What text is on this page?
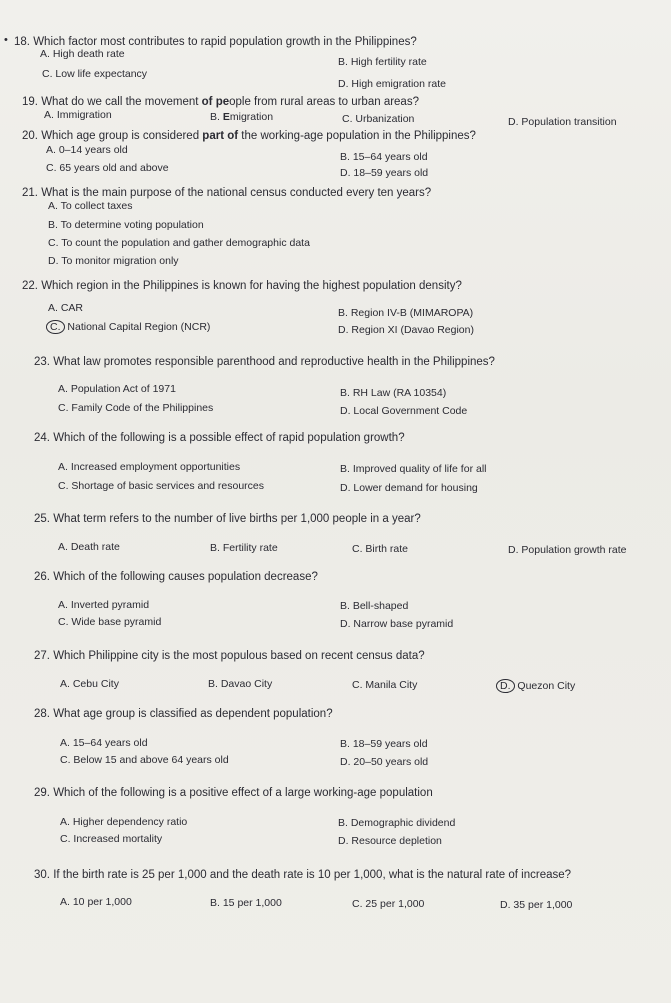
• 18. Which factor most contributes to rapid population growth in the Philippines?
A. High death rate
B. High fertility rate
C. Low life expectancy
D. High emigration rate
19. What do we call the movement of people from rural areas to urban areas?
A. Immigration	B. Emigration	C. Urbanization	D. Population transition
20. Which age group is considered part of the working-age population in the Philippines?
A. 0–14 years old
B. 15–64 years old
C. 65 years old and above	D. 18–59 years old
21. What is the main purpose of the national census conducted every ten years?
A. To collect taxes
B. To determine voting population
C. To count the population and gather demographic data
D. To monitor migration only
22. Which region in the Philippines is known for having the highest population density?
A. CAR	B. Region IV-B (MIMAROPA)
C. National Capital Region (NCR)	D. Region XI (Davao Region)
23. What law promotes responsible parenthood and reproductive health in the Philippines?
A. Population Act of 1971	B. RH Law (RA 10354)
C. Family Code of the Philippines	D. Local Government Code
24. Which of the following is a possible effect of rapid population growth?
A. Increased employment opportunities	B. Improved quality of life for all
C. Shortage of basic services and resources	D. Lower demand for housing
25. What term refers to the number of live births per 1,000 people in a year?
A. Death rate	B. Fertility rate	C. Birth rate	D. Population growth rate
26. Which of the following causes population decrease?
A. Inverted pyramid	B. Bell-shaped
C. Wide base pyramid	D. Narrow base pyramid
27. Which Philippine city is the most populous based on recent census data?
A. Cebu City	B. Davao City	C. Manila City	D. Quezon City
28. What age group is classified as dependent population?
A. 15–64 years old	B. 18–59 years old
C. Below 15 and above 64 years old	D. 20–50 years old
29. Which of the following is a positive effect of a large working-age population
A. Higher dependency ratio	B. Demographic dividend
C. Increased mortality	D. Resource depletion
30. If the birth rate is 25 per 1,000 and the death rate is 10 per 1,000, what is the natural rate of increase?
A. 10 per 1,000	B. 15 per 1,000	C. 25 per 1,000	D. 35 per 1,000
